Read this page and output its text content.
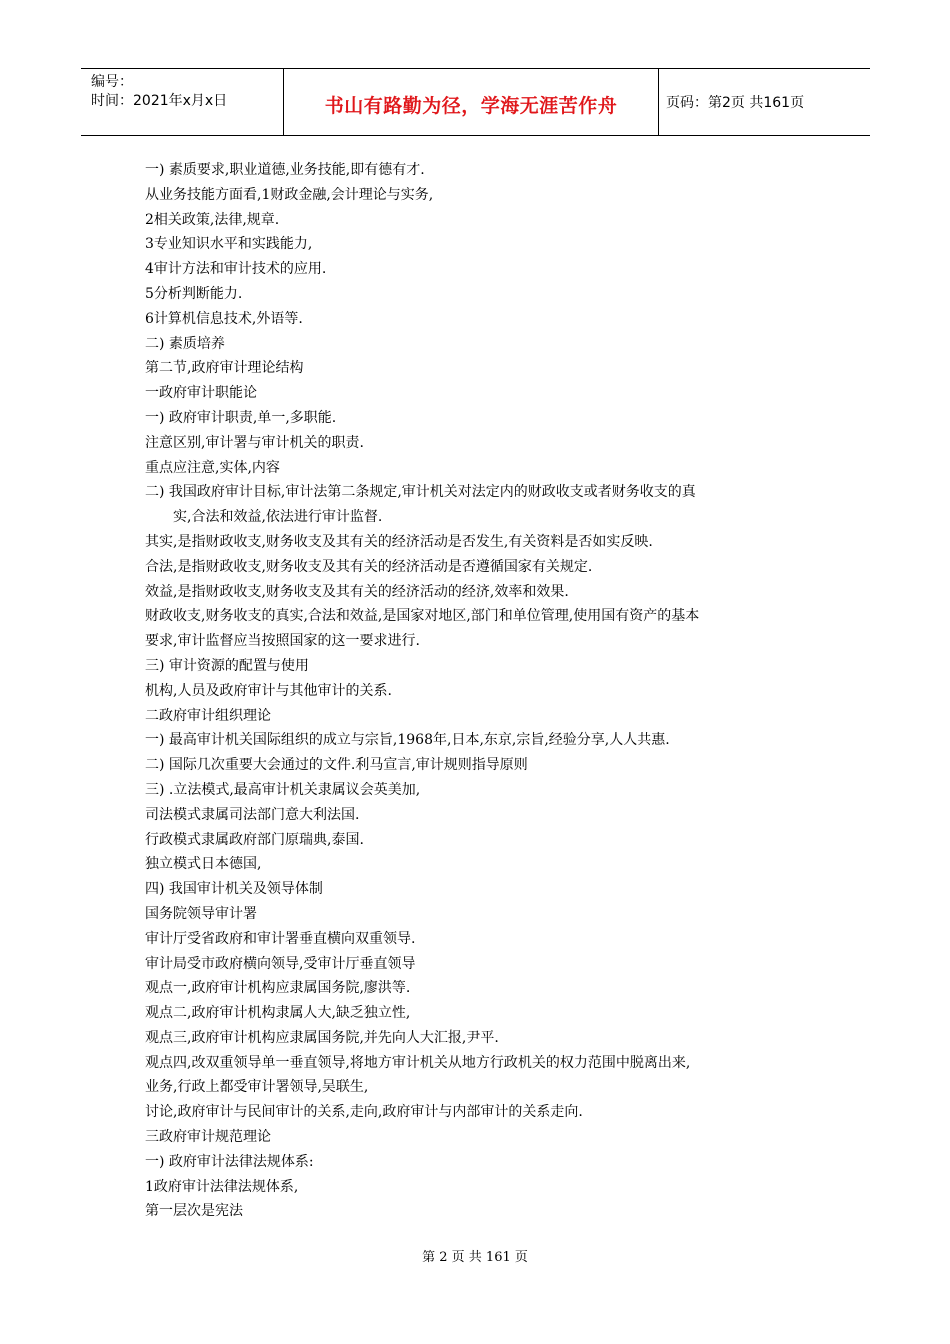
编号：
时间：2021年x月x日	书山有路勤为径，学海无涯苦作舟	页码：第2页 共161页
一) 素质要求,职业道德,业务技能,即有德有才.
从业务技能方面看,1财政金融,会计理论与实务,
2相关政策,法律,规章.
3专业知识水平和实践能力,
4审计方法和审计技术的应用.
5分析判断能力.
6计算机信息技术,外语等.
二) 素质培养
第二节,政府审计理论结构
一政府审计职能论
一) 政府审计职责,单一,多职能.
注意区别,审计署与审计机关的职责.
重点应注意,实体,内容
二) 我国政府审计目标,审计法第二条规定,审计机关对法定内的财政收支或者财务收支的真
实,合法和效益,依法进行审计监督.
其实,是指财政收支,财务收支及其有关的经济活动是否发生,有关资料是否如实反映.
合法,是指财政收支,财务收支及其有关的经济活动是否遵循国家有关规定.
效益,是指财政收支,财务收支及其有关的经济活动的经济,效率和效果.
财政收支,财务收支的真实,合法和效益,是国家对地区,部门和单位管理,使用国有资产的基本
要求,审计监督应当按照国家的这一要求进行.
三) 审计资源的配置与使用
机构,人员及政府审计与其他审计的关系.
二政府审计组织理论
一) 最高审计机关国际组织的成立与宗旨,1968年,日本,东京,宗旨,经验分享,人人共惠.
二) 国际几次重要大会通过的文件.利马宣言,审计规则指导原则
三) .立法模式,最高审计机关隶属议会英美加,
司法模式隶属司法部门意大利法国.
行政模式隶属政府部门原瑞典,泰国.
独立模式日本德国,
四) 我国审计机关及领导体制
国务院领导审计署
审计厅受省政府和审计署垂直横向双重领导.
审计局受市政府横向领导,受审计厅垂直领导
观点一,政府审计机构应隶属国务院,廖洪等.
观点二,政府审计机构隶属人大,缺乏独立性,
观点三,政府审计机构应隶属国务院,并先向人大汇报,尹平.
观点四,改双重领导单一垂直领导,将地方审计机关从地方行政机关的权力范围中脱离出来,
业务,行政上都受审计署领导,吴联生,
讨论,政府审计与民间审计的关系,走向,政府审计与内部审计的关系走向.
三政府审计规范理论
一) 政府审计法律法规体系:
1政府审计法律法规体系,
第一层次是宪法
第 2 页 共 161 页
